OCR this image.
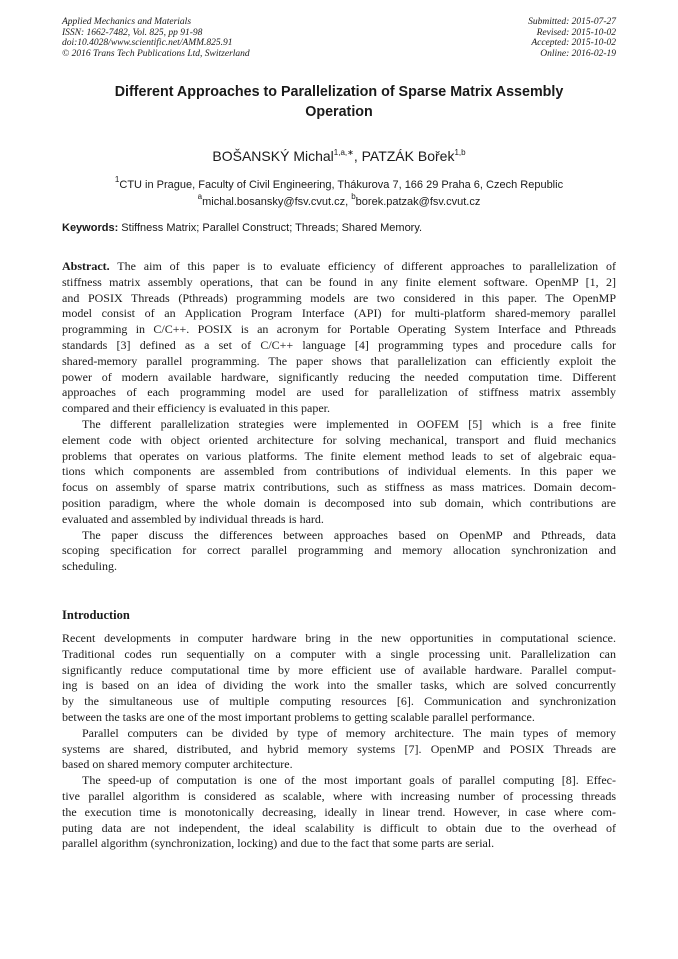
Applied Mechanics and Materials
ISSN: 1662-7482, Vol. 825, pp 91-98
doi:10.4028/www.scientific.net/AMM.825.91
© 2016 Trans Tech Publications Ltd, Switzerland
Submitted: 2015-07-27
Revised: 2015-10-02
Accepted: 2015-10-02
Online: 2016-02-19
Different Approaches to Parallelization of Sparse Matrix Assembly
Operation
BOŠANSKÝ Michal$^{1,a,∗}$, PATZÁK Bořek$^{1,b}$
$^1$CTU in Prague, Faculty of Civil Engineering, Thákurova 7, 166 29 Praha 6, Czech Republic
$^a$michal.bosansky@fsv.cvut.cz, $^b$borek.patzak@fsv.cvut.cz
Keywords: Stiffness Matrix; Parallel Construct; Threads; Shared Memory.
Abstract. The aim of this paper is to evaluate efficiency of different approaches to parallelization of
stiffness matrix assembly operations, that can be found in any finite element software. OpenMP [1, 2]
and POSIX Threads (Pthreads) programming models are two considered in this paper. The OpenMP
model consist of an Application Program Interface (API) for multi-platform shared-memory parallel
programming in C/C++. POSIX is an acronym for Portable Operating System Interface and Pthreads
standards [3] defined as a set of C/C++ language [4] programming types and procedure calls for
shared-memory parallel programming. The paper shows that parallelization can efficiently exploit the
power of modern available hardware, significantly reducing the needed computation time. Different
approaches of each programming model are used for parallelization of stiffness matrix assembly
compared and their efficiency is evaluated in this paper.
The different parallelization strategies were implemented in OOFEM [5] which is a free finite
element code with object oriented architecture for solving mechanical, transport and fluid mechanics
problems that operates on various platforms. The finite element method leads to set of algebraic equa-
tions which components are assembled from contributions of individual elements. In this paper we
focus on assembly of sparse matrix contributions, such as stiffness as mass matrices. Domain decom-
position paradigm, where the whole domain is decomposed into sub domain, which contributions are
evaluated and assembled by individual threads is hard.
The paper discuss the differences between approaches based on OpenMP and Pthreads, data
scoping specification for correct parallel programming and memory allocation synchronization and
scheduling.
Introduction
Recent developments in computer hardware bring in the new opportunities in computational science.
Traditional codes run sequentially on a computer with a single processing unit. Parallelization can
significantly reduce computational time by more efficient use of available hardware. Parallel comput-
ing is based on an idea of dividing the work into the smaller tasks, which are solved concurrently
by the simultaneous use of multiple computing resources [6]. Communication and synchronization
between the tasks are one of the most important problems to getting scalable parallel performance.
Parallel computers can be divided by type of memory architecture. The main types of memory
systems are shared, distributed, and hybrid memory systems [7]. OpenMP and POSIX Threads are
based on shared memory computer architecture.
The speed-up of computation is one of the most important goals of parallel computing [8]. Effec-
tive parallel algorithm is considered as scalable, where with increasing number of processing threads
the execution time is monotonically decreasing, ideally in linear trend. However, in case where com-
puting data are not independent, the ideal scalability is difficult to obtain due to the overhead of
parallel algorithm (synchronization, locking) and due to the fact that some parts are serial.
